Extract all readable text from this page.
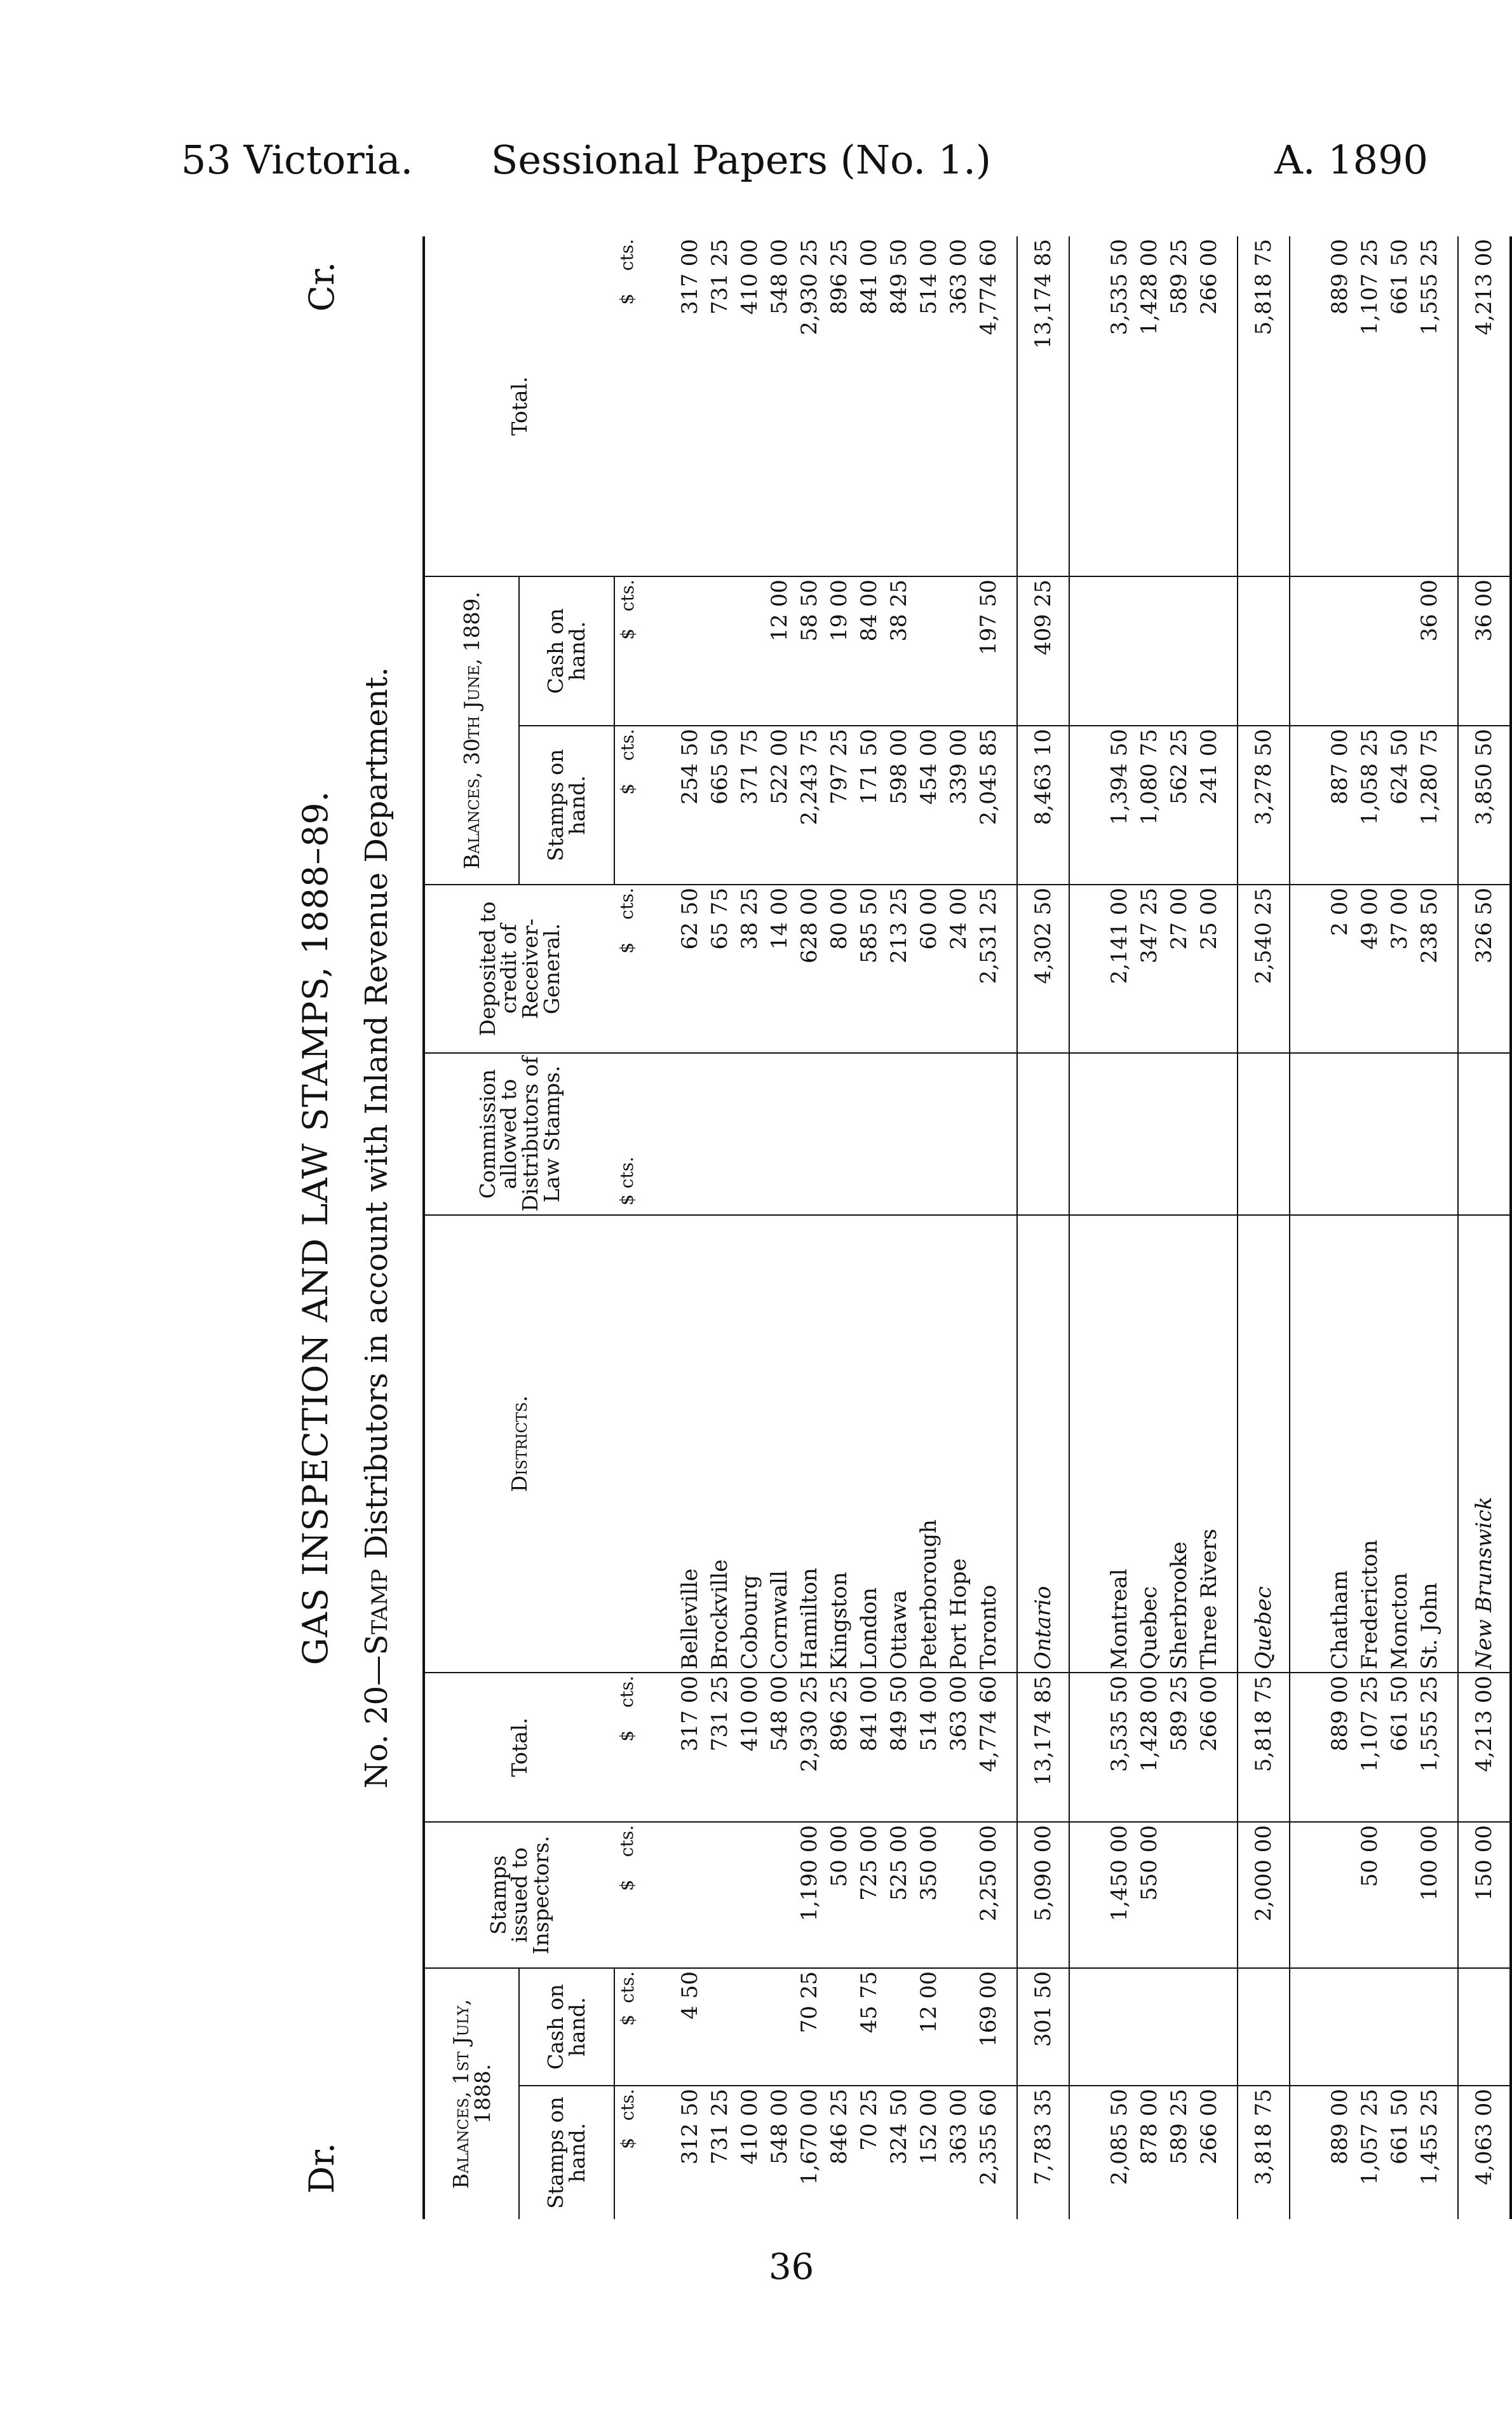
53 Victoria.	Sessional Papers (No. 1.)	A. 1890
Dr.
Cr.
GAS INSPECTION AND LAW STAMPS, 1888–89.
No. 20—Stamp Distributors in account with Inland Revenue Department.
Balances, 1st July, 1888.		Stamps issued to Inspectors.	Total.	Districts.	Commission allowed to Distributors of Law Stamps.	Deposited to credit of Receiver-General.	Balances, 30th June, 1889.		Total.
Stamps on hand.	Cash on hand.						Stamps on hand.	Cash on hand.	
$   cts.	$  cts.	$    cts.	$    cts.		$ cts.	$    cts.	$    cts.	$   cts.	$    cts.

312 50	4 50		317 00	Belleville		62 50	254 50		317 00
731 25			731 25	Brockville		65 75	665 50		731 25
410 00			410 00	Cobourg		38 25	371 75		410 00
548 00			548 00	Cornwall		14 00	522 00	12 00	548 00
1,670 00	70 25	1,190 00	2,930 25	Hamilton		628 00	2,243 75	58 50	2,930 25
846 25		50 00	896 25	Kingston		80 00	797 25	19 00	896 25
70 25	45 75	725 00	841 00	London		585 50	171 50	84 00	841 00
324 50		525 00	849 50	Ottawa		213 25	598 00	38 25	849 50
152 00	12 00	350 00	514 00	Peterborough		60 00	454 00		514 00
363 00			363 00	Port Hope		24 00	339 00		363 00
2,355 60	169 00	2,250 00	4,774 60	Toronto		2,531 25	2,045 85	197 50	4,774 60

7,783 35	301 50	5,090 00	13,174 85	Ontario		4,302 50	8,463 10	409 25	13,174 85

2,085 50		1,450 00	3,535 50	Montreal		2,141 00	1,394 50		3,535 50
878 00		550 00	1,428 00	Quebec		347 25	1,080 75		1,428 00
589 25			589 25	Sherbrooke		27 00	562 25		589 25
266 00			266 00	Three Rivers		25 00	241 00		266 00

3,818 75		2,000 00	5,818 75	Quebec		2,540 25	3,278 50		5,818 75

889 00			889 00	Chatham		2 00	887 00		889 00
1,057 25		50 00	1,107 25	Fredericton		49 00	1,058 25		1,107 25
661 50			661 50	Moncton		37 00	624 50		661 50
1,455 25		100 00	1,555 25	St. John		238 50	1,280 75	36 00	1,555 25

4,063 00		150 00	4,213 00	New Brunswick		326 50	3,850 50	36 00	4,213 00
36
